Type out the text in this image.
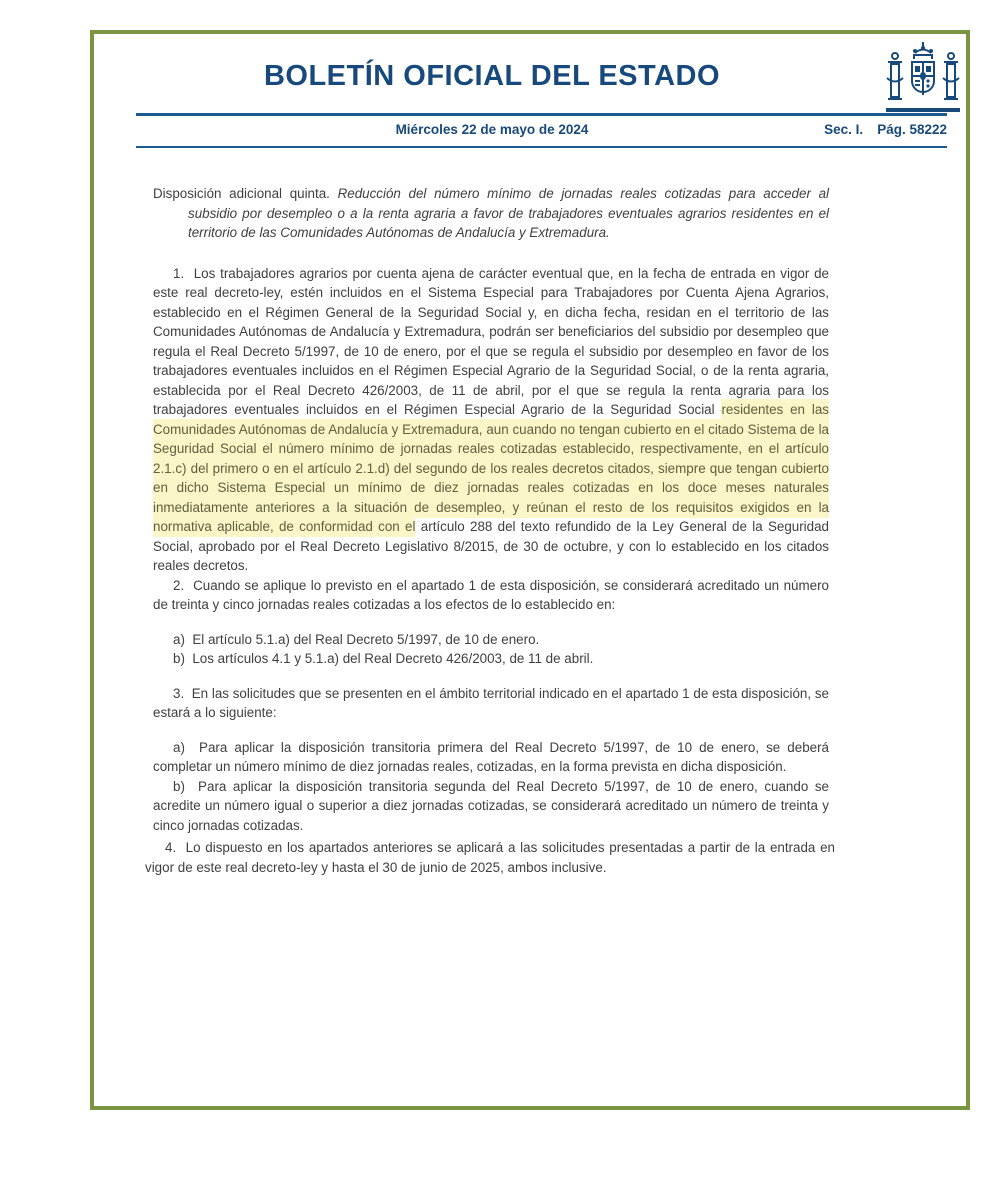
BOLETÍN OFICIAL DEL ESTADO
Miércoles 22 de mayo de 2024	Sec. I. Pág. 58222

Disposición adicional quinta. Reducción del número mínimo de jornadas reales cotizadas para acceder al subsidio por desempleo o a la renta agraria a favor de trabajadores eventuales agrarios residentes en el territorio de las Comunidades Autónomas de Andalucía y Extremadura.

1.  Los trabajadores agrarios por cuenta ajena de carácter eventual que, en la fecha de entrada en vigor de este real decreto-ley, estén incluidos en el Sistema Especial para Trabajadores por Cuenta Ajena Agrarios, establecido en el Régimen General de la Seguridad Social y, en dicha fecha, residan en el territorio de las Comunidades Autónomas de Andalucía y Extremadura, podrán ser beneficiarios del subsidio por desempleo que regula el Real Decreto 5/1997, de 10 de enero, por el que se regula el subsidio por desempleo en favor de los trabajadores eventuales incluidos en el Régimen Especial Agrario de la Seguridad Social, o de la renta agraria, establecida por el Real Decreto 426/2003, de 11 de abril, por el que se regula la renta agraria para los trabajadores eventuales incluidos en el Régimen Especial Agrario de la Seguridad Social residentes en las Comunidades Autónomas de Andalucía y Extremadura, aun cuando no tengan cubierto en el citado Sistema de la Seguridad Social el número mínimo de jornadas reales cotizadas establecido, respectivamente, en el artículo 2.1.c) del primero o en el artículo 2.1.d) del segundo de los reales decretos citados, siempre que tengan cubierto en dicho Sistema Especial un mínimo de diez jornadas reales cotizadas en los doce meses naturales inmediatamente anteriores a la situación de desempleo, y reúnan el resto de los requisitos exigidos en la normativa aplicable, de conformidad con el artículo 288 del texto refundido de la Ley General de la Seguridad Social, aprobado por el Real Decreto Legislativo 8/2015, de 30 de octubre, y con lo establecido en los citados reales decretos.

2.  Cuando se aplique lo previsto en el apartado 1 de esta disposición, se considerará acreditado un número de treinta y cinco jornadas reales cotizadas a los efectos de lo establecido en:

a)  El artículo 5.1.a) del Real Decreto 5/1997, de 10 de enero.

b)  Los artículos 4.1 y 5.1.a) del Real Decreto 426/2003, de 11 de abril.

3.  En las solicitudes que se presenten en el ámbito territorial indicado en el apartado 1 de esta disposición, se estará a lo siguiente:

a)  Para aplicar la disposición transitoria primera del Real Decreto 5/1997, de 10 de enero, se deberá completar un número mínimo de diez jornadas reales, cotizadas, en la forma prevista en dicha disposición.

b)  Para aplicar la disposición transitoria segunda del Real Decreto 5/1997, de 10 de enero, cuando se acredite un número igual o superior a diez jornadas cotizadas, se considerará acreditado un número de treinta y cinco jornadas cotizadas.

4.  Lo dispuesto en los apartados anteriores se aplicará a las solicitudes presentadas a partir de la entrada en vigor de este real decreto-ley y hasta el 30 de junio de 2025, ambos inclusive.
